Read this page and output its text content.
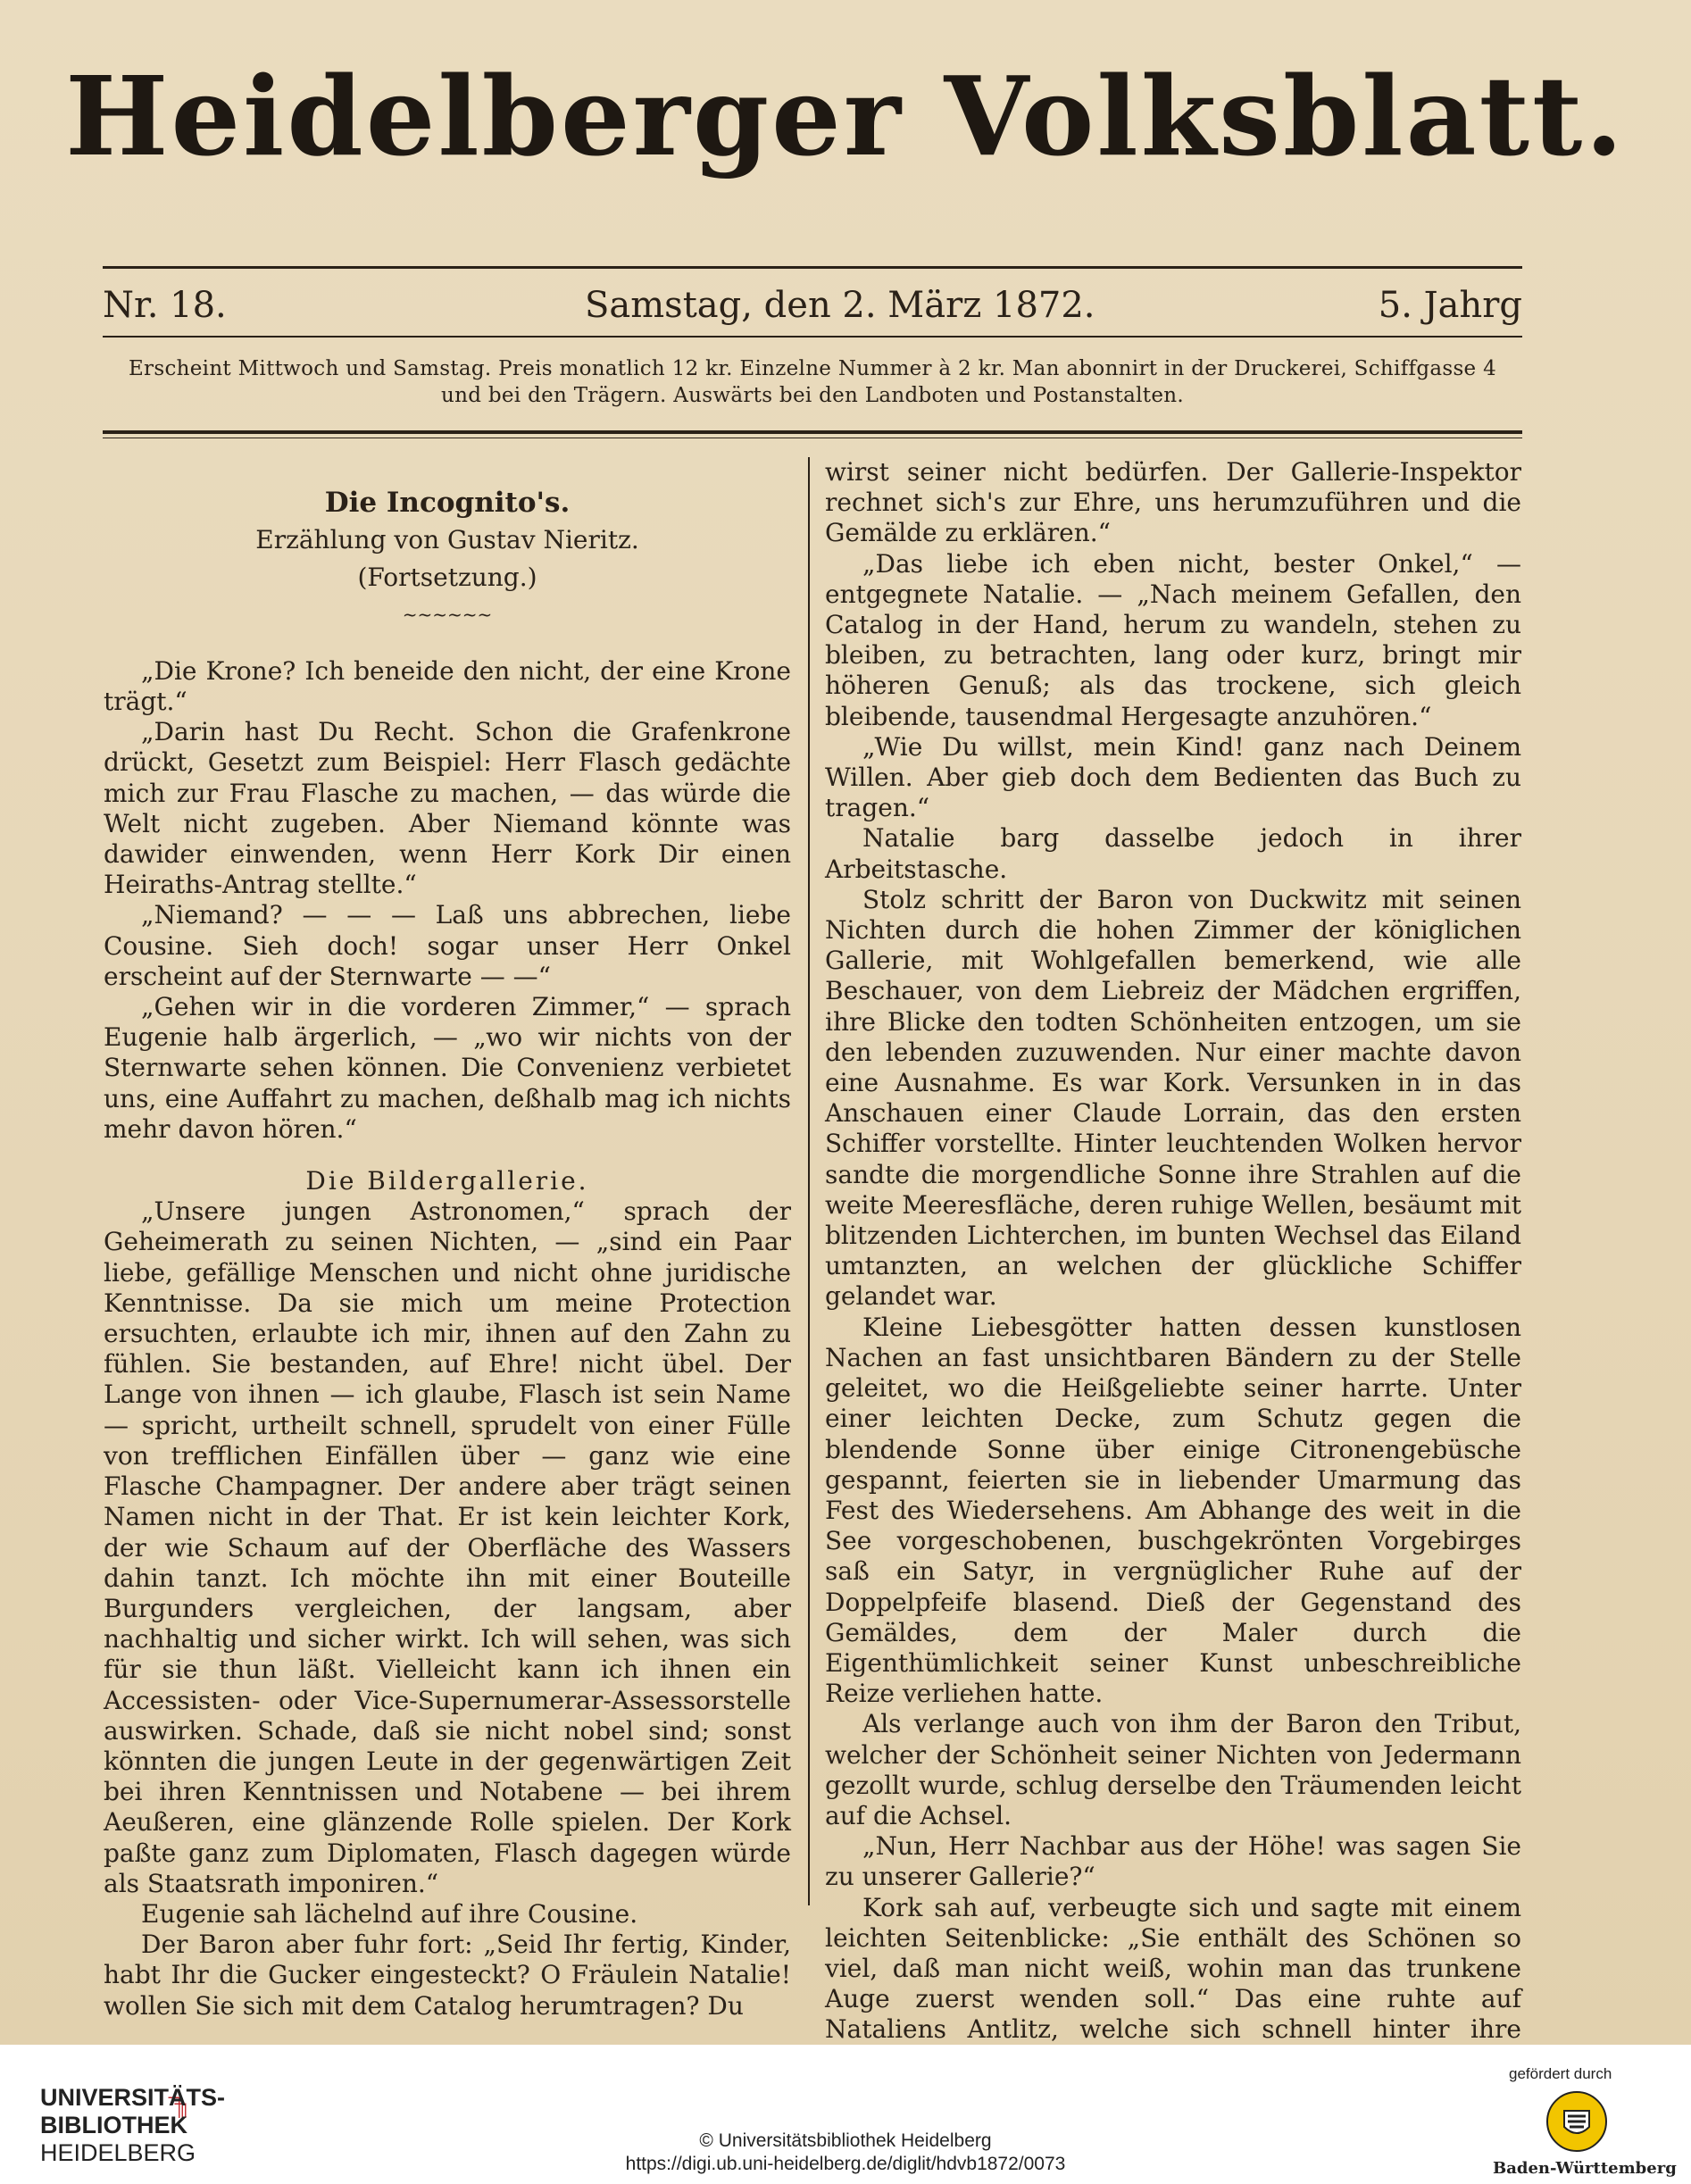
Heidelberger Volksblatt.
Nr. 18.	Samstag, den 2. März 1872.	5. Jahrg
Erscheint Mittwoch und Samstag. Preis monatlich 12 kr. Einzelne Nummer à 2 kr. Man abonnirt in der Druckerei, Schiffgasse 4
und bei den Trägern. Auswärts bei den Landboten und Postanstalten.

Die Incognito's.

Erzählung von Gustav Nieritz.

(Fortsetzung.)

~~~~~~

„Die Krone? Ich beneide den nicht, der eine Krone trägt.“

„Darin hast Du Recht. Schon die Grafenkrone drückt, Gesetzt zum Beispiel: Herr Flasch gedächte mich zur Frau Flasche zu machen, — das würde die Welt nicht zugeben. Aber Niemand könnte was dawider einwenden, wenn Herr Kork Dir einen Heiraths-Antrag stellte.“

„Niemand? — — — Laß uns abbrechen, liebe Cousine. Sieh doch! sogar unser Herr Onkel erscheint auf der Sternwarte — —“

„Gehen wir in die vorderen Zimmer,“ — sprach Eugenie halb ärgerlich, — „wo wir nichts von der Sternwarte sehen können. Die Convenienz verbietet uns, eine Auffahrt zu machen, deßhalb mag ich nichts mehr davon hören.“

Die Bildergallerie.

„Unsere jungen Astronomen,“ sprach der Geheimerath zu seinen Nichten, — „sind ein Paar liebe, gefällige Menschen und nicht ohne juridische Kenntnisse. Da sie mich um meine Protection ersuchten, erlaubte ich mir, ihnen auf den Zahn zu fühlen. Sie bestanden, auf Ehre! nicht übel. Der Lange von ihnen — ich glaube, Flasch ist sein Name — spricht, urtheilt schnell, sprudelt von einer Fülle von trefflichen Einfällen über — ganz wie eine Flasche Champagner. Der andere aber trägt seinen Namen nicht in der That. Er ist kein leichter Kork, der wie Schaum auf der Oberfläche des Wassers dahin tanzt. Ich möchte ihn mit einer Bouteille Burgunders vergleichen, der langsam, aber nachhaltig und sicher wirkt. Ich will sehen, was sich für sie thun läßt. Vielleicht kann ich ihnen ein Accessisten- oder Vice-Supernumerar-Assessorstelle auswirken. Schade, daß sie nicht nobel sind; sonst könnten die jungen Leute in der gegenwärtigen Zeit bei ihren Kenntnissen und Notabene — bei ihrem Aeußeren, eine glänzende Rolle spielen. Der Kork paßte ganz zum Diplomaten, Flasch dagegen würde als Staatsrath imponiren.“

Eugenie sah lächelnd auf ihre Cousine.

Der Baron aber fuhr fort: „Seid Ihr fertig, Kinder, habt Ihr die Gucker eingesteckt? O Fräulein Natalie! wollen Sie sich mit dem Catalog herumtragen? Du

wirst seiner nicht bedürfen. Der Gallerie-Inspektor rechnet sich's zur Ehre, uns herumzuführen und die Gemälde zu erklären.“

„Das liebe ich eben nicht, bester Onkel,“ — entgegnete Natalie. — „Nach meinem Gefallen, den Catalog in der Hand, herum zu wandeln, stehen zu bleiben, zu betrachten, lang oder kurz, bringt mir höheren Genuß; als das trockene, sich gleich bleibende, tausendmal Hergesagte anzuhören.“

„Wie Du willst, mein Kind! ganz nach Deinem Willen. Aber gieb doch dem Bedienten das Buch zu tragen.“

Natalie barg dasselbe jedoch in ihrer Arbeitstasche.

Stolz schritt der Baron von Duckwitz mit seinen Nichten durch die hohen Zimmer der königlichen Gallerie, mit Wohlgefallen bemerkend, wie alle Beschauer, von dem Liebreiz der Mädchen ergriffen, ihre Blicke den todten Schönheiten entzogen, um sie den lebenden zuzuwenden. Nur einer machte davon eine Ausnahme. Es war Kork. Versunken in in das Anschauen einer Claude Lorrain, das den ersten Schiffer vorstellte. Hinter leuchtenden Wolken hervor sandte die morgendliche Sonne ihre Strahlen auf die weite Meeresfläche, deren ruhige Wellen, besäumt mit blitzenden Lichterchen, im bunten Wechsel das Eiland umtanzten, an welchen der glückliche Schiffer gelandet war.

Kleine Liebesgötter hatten dessen kunstlosen Nachen an fast unsichtbaren Bändern zu der Stelle geleitet, wo die Heißgeliebte seiner harrte. Unter einer leichten Decke, zum Schutz gegen die blendende Sonne über einige Citronengebüsche gespannt, feierten sie in liebender Umarmung das Fest des Wiedersehens. Am Abhange des weit in die See vorgeschobenen, buschgekrönten Vorgebirges saß ein Satyr, in vergnüglicher Ruhe auf der Doppelpfeife blasend. Dieß der Gegenstand des Gemäldes, dem der Maler durch die Eigenthümlichkeit seiner Kunst unbeschreibliche Reize verliehen hatte.

Als verlange auch von ihm der Baron den Tribut, welcher der Schönheit seiner Nichten von Jedermann gezollt wurde, schlug derselbe den Träumenden leicht auf die Achsel.

„Nun, Herr Nachbar aus der Höhe! was sagen Sie zu unserer Gallerie?“

Kork sah auf, verbeugte sich und sagte mit einem leichten Seitenblicke: „Sie enthält des Schönen so viel, daß man nicht weiß, wohin man das trunkene Auge zuerst wenden soll.“ Das eine ruhte auf Nataliens Antlitz, welche sich schnell hinter ihre

UNIVERSITÄTS-
BIBLIOTHEK
HEIDELBERG	© Universitätsbibliothek Heidelberg
https://digi.ub.uni-heidelberg.de/diglit/hdvb1872/0073
gefördert durch
Baden-Württemberg
